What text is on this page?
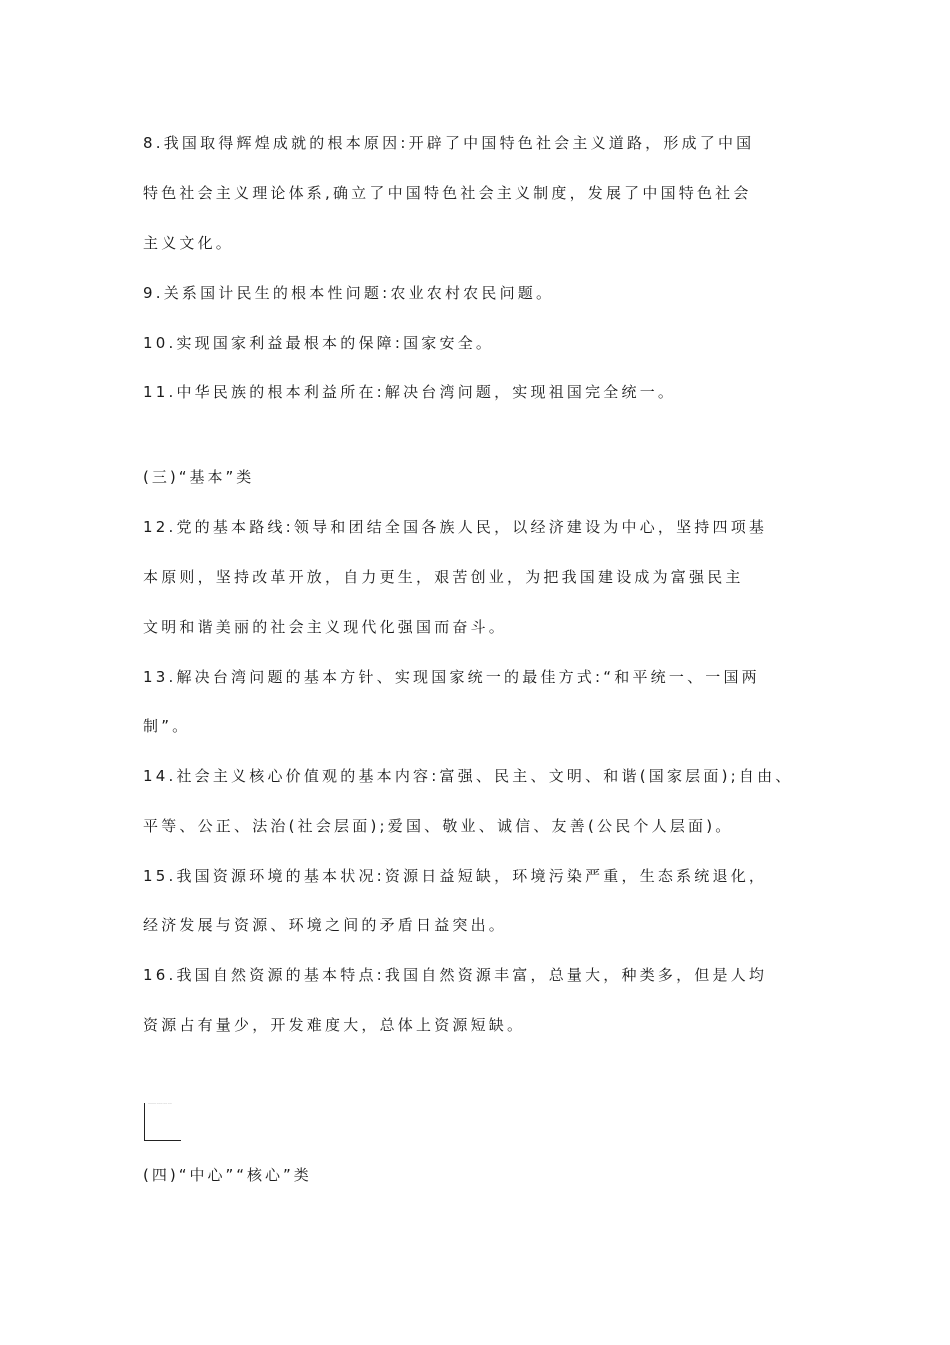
8.我国取得辉煌成就的根本原因:开辟了中国特色社会主义道路，形成了中国
特色社会主义理论体系,确立了中国特色社会主义制度，发展了中国特色社会
主义文化。
9.关系国计民生的根本性问题:农业农村农民问题。
10.实现国家利益最根本的保障:国家安全。
11.中华民族的根本利益所在:解决台湾问题，实现祖国完全统一。
(三)“基本”类
12.党的基本路线:领导和团结全国各族人民，以经济建设为中心，坚持四项基
本原则，坚持改革开放，自力更生，艰苦创业，为把我国建设成为富强民主
文明和谐美丽的社会主义现代化强国而奋斗。
13.解决台湾问题的基本方针、实现国家统一的最佳方式:“和平统一、一国两
制”。
14.社会主义核心价值观的基本内容:富强、民主、文明、和谐(国家层面);自由、
平等、公正、法治(社会层面);爱国、敬业、诚信、友善(公民个人层面)。
15.我国资源环境的基本状况:资源日益短缺，环境污染严重，生态系统退化，
经济发展与资源、环境之间的矛盾日益突出。
16.我国自然资源的基本特点:我国自然资源丰富，总量大，种类多，但是人均
资源占有量少，开发难度大，总体上资源短缺。
———— ——— —— ——
(四)“中心”“核心”类
